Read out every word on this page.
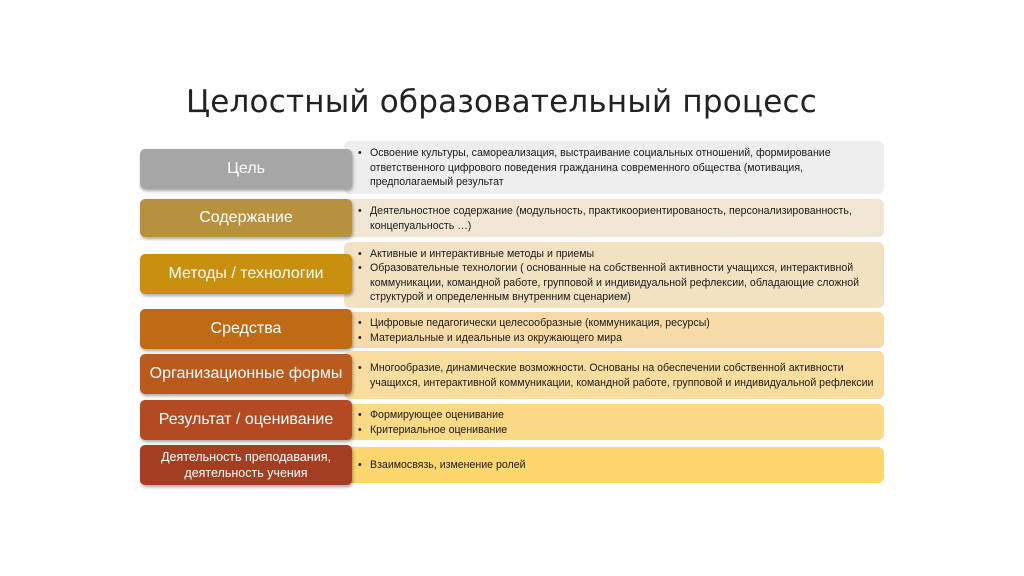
Целостный образовательный процесс
• Освоение культуры, самореализация, выстраивание социальных отношений, формирование ответственного цифрового поведения гражданина современного общества (мотивация, предполагаемый результат
Цель
• Деятельностное содержание (модульность, практикоориентированость, персонализированность, концепуальность …)
Содержание
• Активные и интерактивные методы и приемы
• Образовательные технологии ( основанные на собственной активности учащихся, интерактивной коммуникации, командной работе, групповой и индивидуальной рефлексии, обладающие сложной структурой и определенным внутренним сценарием)
Методы / технологии
• Цифровые педагогически целесообразные (коммуникация, ресурсы)
• Материальные и идеальные из окружающего мира
Средства
• Многообразие, динамические возможности. Основаны на обеспечении собственной активности учащихся, интерактивной коммуникации, командной работе, групповой и индивидуальной рефлексии
Организационные формы
• Формирующее оценивание
• Критериальное оценивание
Результат / оценивание
• Взаимосвязь, изменение ролей
Деятельность преподавания, деятельность учения
